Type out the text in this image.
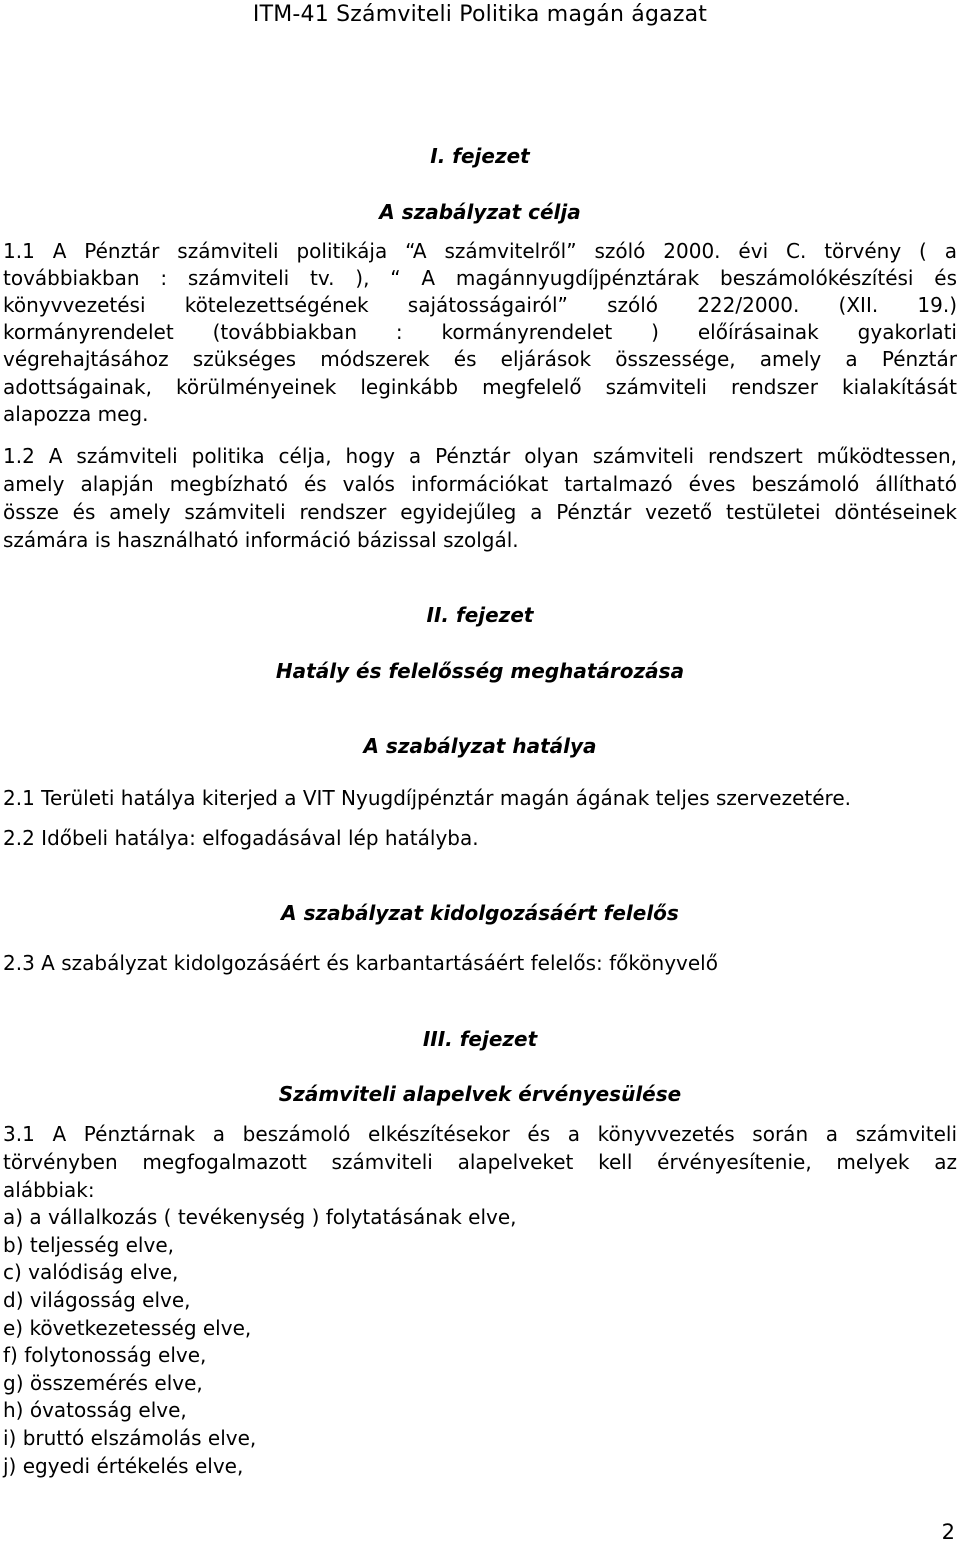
ITM-41 Számviteli Politika magán ágazat
I. fejezet
A szabályzat célja
1.1 A Pénztár számviteli politikája “A számvitelről” szóló 2000. évi C. törvény ( a
továbbiakban : számviteli tv. ), “ A magánnyugdíjpénztárak beszámolókészítési és
könyvvezetési kötelezettségének sajátosságairól” szóló 222/2000. (XII. 19.)
kormányrendelet (továbbiakban : kormányrendelet ) előírásainak gyakorlati
végrehajtásához szükséges módszerek és eljárások összessége, amely a Pénztár
adottságainak, körülményeinek leginkább megfelelő számviteli rendszer kialakítását
alapozza meg.
1.2 A számviteli politika célja, hogy a Pénztár olyan számviteli rendszert működtessen,
amely alapján megbízható és valós információkat tartalmazó éves beszámoló állítható
össze és amely számviteli rendszer egyidejűleg a Pénztár vezető testületei döntéseinek
számára is használható információ bázissal szolgál.
II. fejezet
Hatály és felelősség meghatározása
A szabályzat hatálya
2.1 Területi hatálya kiterjed a VIT Nyugdíjpénztár magán ágának teljes szervezetére.
2.2 Időbeli hatálya: elfogadásával lép hatályba.
A szabályzat kidolgozásáért felelős
2.3 A szabályzat kidolgozásáért és karbantartásáért felelős: főkönyvelő
III. fejezet
Számviteli alapelvek érvényesülése
3.1 A Pénztárnak a beszámoló elkészítésekor és a könyvvezetés során a számviteli
törvényben megfogalmazott számviteli alapelveket kell érvényesítenie, melyek az
alábbiak:
a) a vállalkozás ( tevékenység ) folytatásának elve,
b) teljesség elve,
c) valódiság elve,
d) világosság elve,
e) következetesség elve,
f) folytonosság elve,
g) összemérés elve,
h) óvatosság elve,
i) bruttó elszámolás elve,
j) egyedi értékelés elve,
2
